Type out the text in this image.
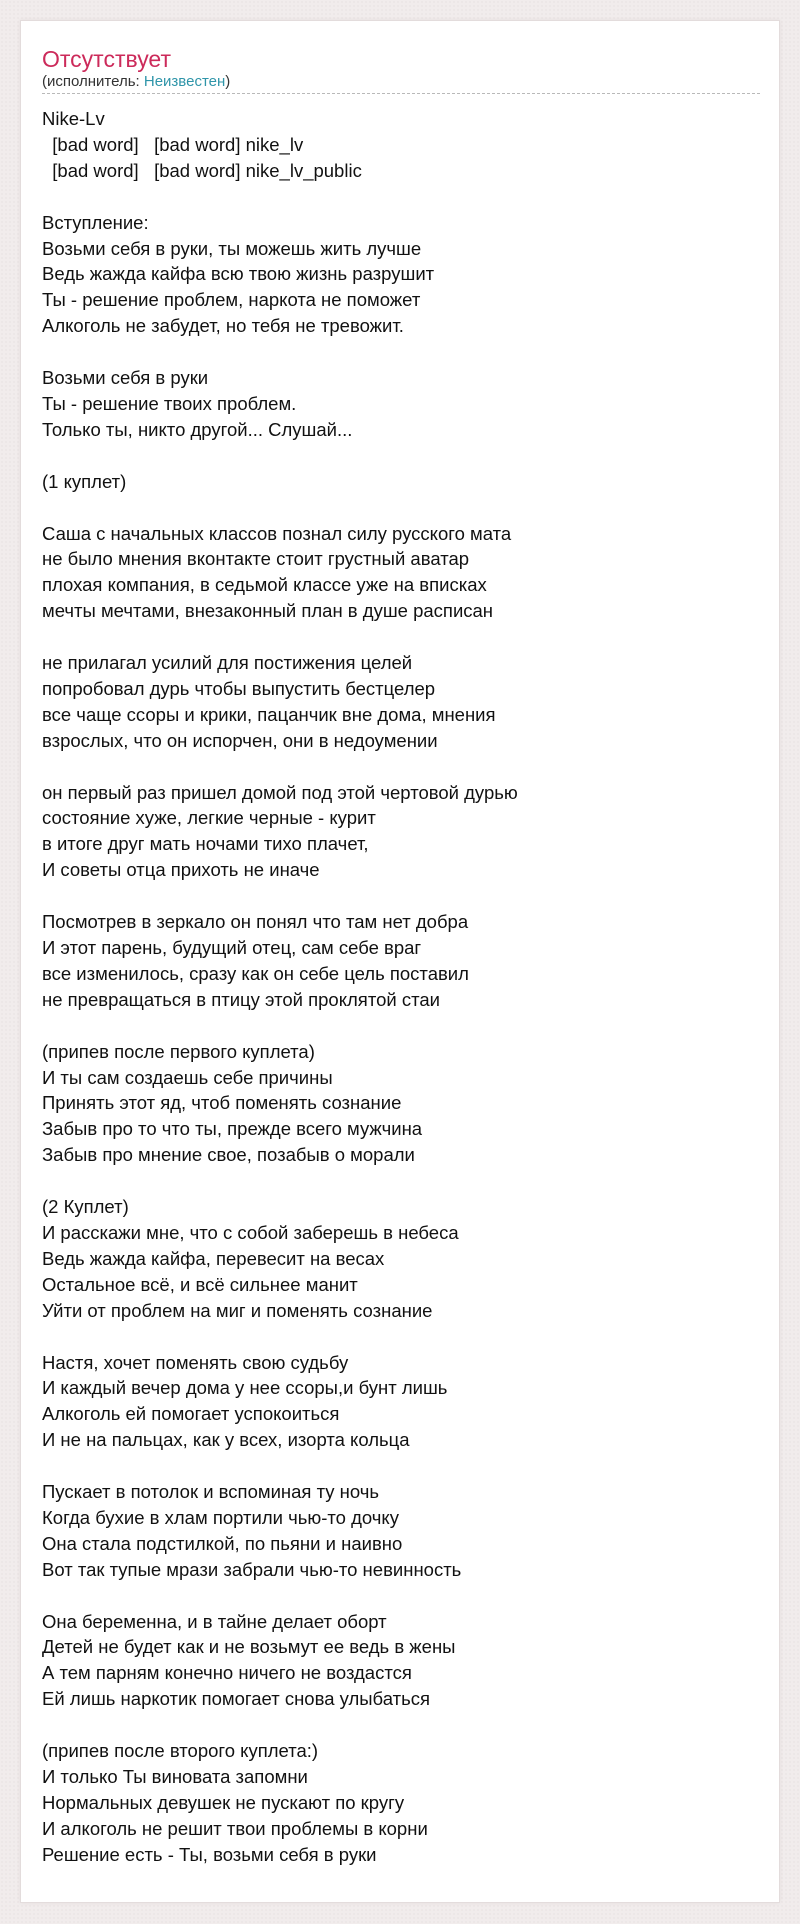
Отсутствует
(исполнитель: Неизвестен)
Nike-Lv
[bad word]   [bad word] nike_lv
[bad word]   [bad word] nike_lv_public

Вступление:
Возьми себя в руки, ты можешь жить лучше
Ведь жажда кайфа всю твою жизнь разрушит
Ты - решение проблем, наркота не поможет
Алкоголь не забудет, но тебя не тревожит.

Возьми себя в руки
Ты - решение твоих проблем.
Только ты, никто другой... Слушай...

(1 куплет)

Саша с начальных классов познал силу русского мата
не было мнения вконтакте стоит грустный аватар
плохая компания, в седьмой классе уже на вписках
мечты мечтами, внезаконный план в душе расписан

не прилагал усилий для постижения целей
попробовал дурь чтобы выпустить бестцелер
все чаще ссоры и крики, пацанчик вне дома, мнения
взрослых, что он испорчен, они в недоумении

он первый раз пришел домой под этой чертовой дурью
состояние хуже, легкие черные - курит
в итоге друг мать ночами тихо плачет,
И советы отца прихоть не иначе

Посмотрев в зеркало он понял что там нет добра
И этот парень, будущий отец, сам себе враг
все изменилось, сразу как он себе цель поставил
не превращаться в птицу этой проклятой стаи

(припев после первого куплета)
И ты сам создаешь себе причины
Принять этот яд, чтоб поменять сознание
Забыв про то что ты, прежде всего мужчина
Забыв про мнение свое, позабыв о морали

(2 Куплет)
И расскажи мне, что с собой заберешь в небеса
Ведь жажда кайфа, перевесит на весах
Остальное всё, и всё сильнее манит
Уйти от проблем на миг и поменять сознание

Настя, хочет поменять свою судьбу
И каждый вечер дома у нее ссоры,и бунт лишь
Алкоголь ей помогает успокоиться
И не на пальцах, как у всех, изорта кольца

Пускает в потолок и вспоминая ту ночь
Когда бухие в хлам портили чью-то дочку
Она стала подстилкой, по пьяни и наивно
Вот так тупые мрази забрали чью-то невинность

Она беременна, и в тайне делает оборт
Детей не будет как и не возьмут ее ведь в жены
А тем парням конечно ничего не воздастся
Ей лишь наркотик помогает снова улыбаться

(припев после второго куплета:)
И только Ты виновата запомни
Нормальных девушек не пускают по кругу
И алкоголь не решит твои проблемы в корни
Решение есть - Ты, возьми себя в руки
